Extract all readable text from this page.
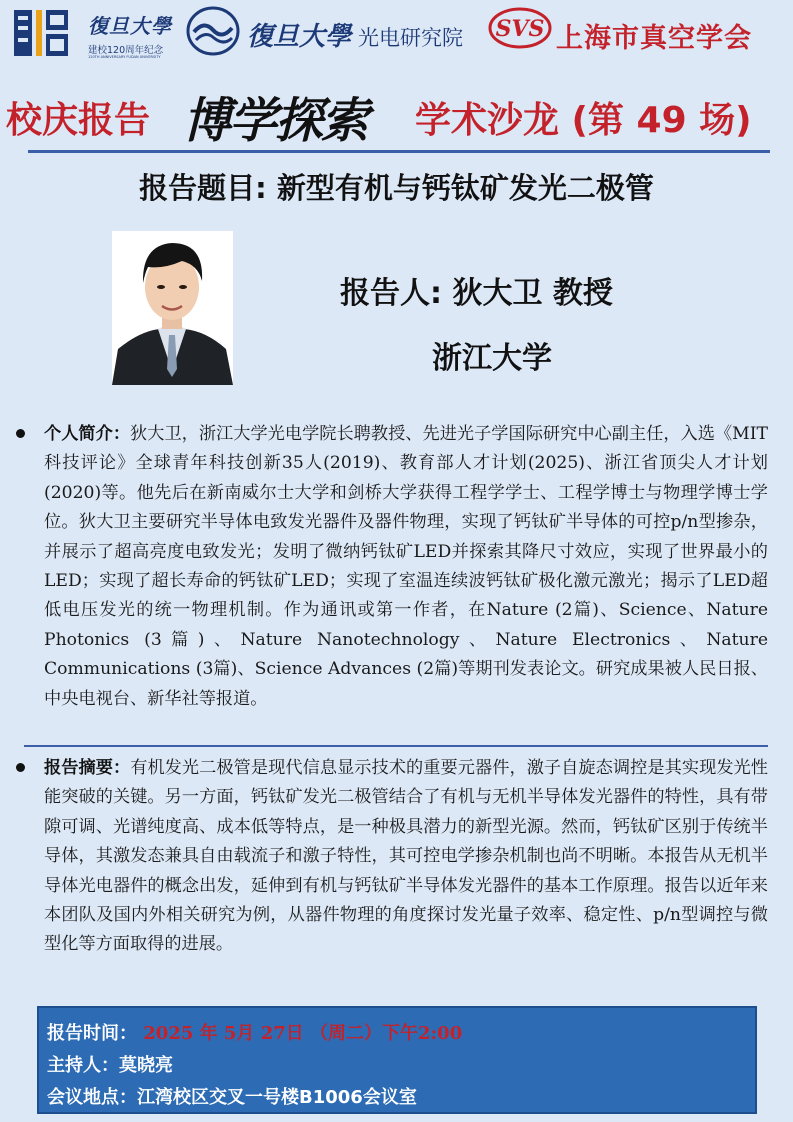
復旦大學
建校120周年纪念
120TH ANNIVERSARY FUDAN UNIVERSITY
復旦大學 光电研究院 SVS 上海市真空学会
校庆报告 博学探索 学术沙龙 (第 49 场)
报告题目: 新型有机与钙钛矿发光二极管
报告人: 狄大卫 教授
浙江大学
个人简介：狄大卫，浙江大学光电学院长聘教授、先进光子学国际研究中心副主任，入选《MIT科技评论》全球青年科技创新35人(2019)、教育部人才计划(2025)、浙江省顶尖人才计划(2020)等。他先后在新南威尔士大学和剑桥大学获得工程学学士、工程学博士与物理学博士学位。狄大卫主要研究半导体电致发光器件及器件物理，实现了钙钛矿半导体的可控p/n型掺杂，并展示了超高亮度电致发光；发明了微纳钙钛矿LED并探索其降尺寸效应，实现了世界最小的LED；实现了超长寿命的钙钛矿LED；实现了室温连续波钙钛矿极化激元激光；揭示了LED超低电压发光的统一物理机制。作为通讯或第一作者，在Nature (2篇)、Science、Nature Photonics (3篇)、Nature Nanotechnology、Nature Electronics、Nature Communications (3篇)、Science Advances (2篇)等期刊发表论文。研究成果被人民日报、中央电视台、新华社等报道。
报告摘要：有机发光二极管是现代信息显示技术的重要元器件，激子自旋态调控是其实现发光性能突破的关键。另一方面，钙钛矿发光二极管结合了有机与无机半导体发光器件的特性，具有带隙可调、光谱纯度高、成本低等特点，是一种极具潜力的新型光源。然而，钙钛矿区别于传统半导体，其激发态兼具自由载流子和激子特性，其可控电学掺杂机制也尚不明晰。本报告从无机半导体光电器件的概念出发，延伸到有机与钙钛矿半导体发光器件的基本工作原理。报告以近年来本团队及国内外相关研究为例，从器件物理的角度探讨发光量子效率、稳定性、p/n型调控与微型化等方面取得的进展。
报告时间： 2025 年 5月 27日 （周二）下午2:00
主持人：莫晓亮
会议地点：江湾校区交叉一号楼B1006会议室
